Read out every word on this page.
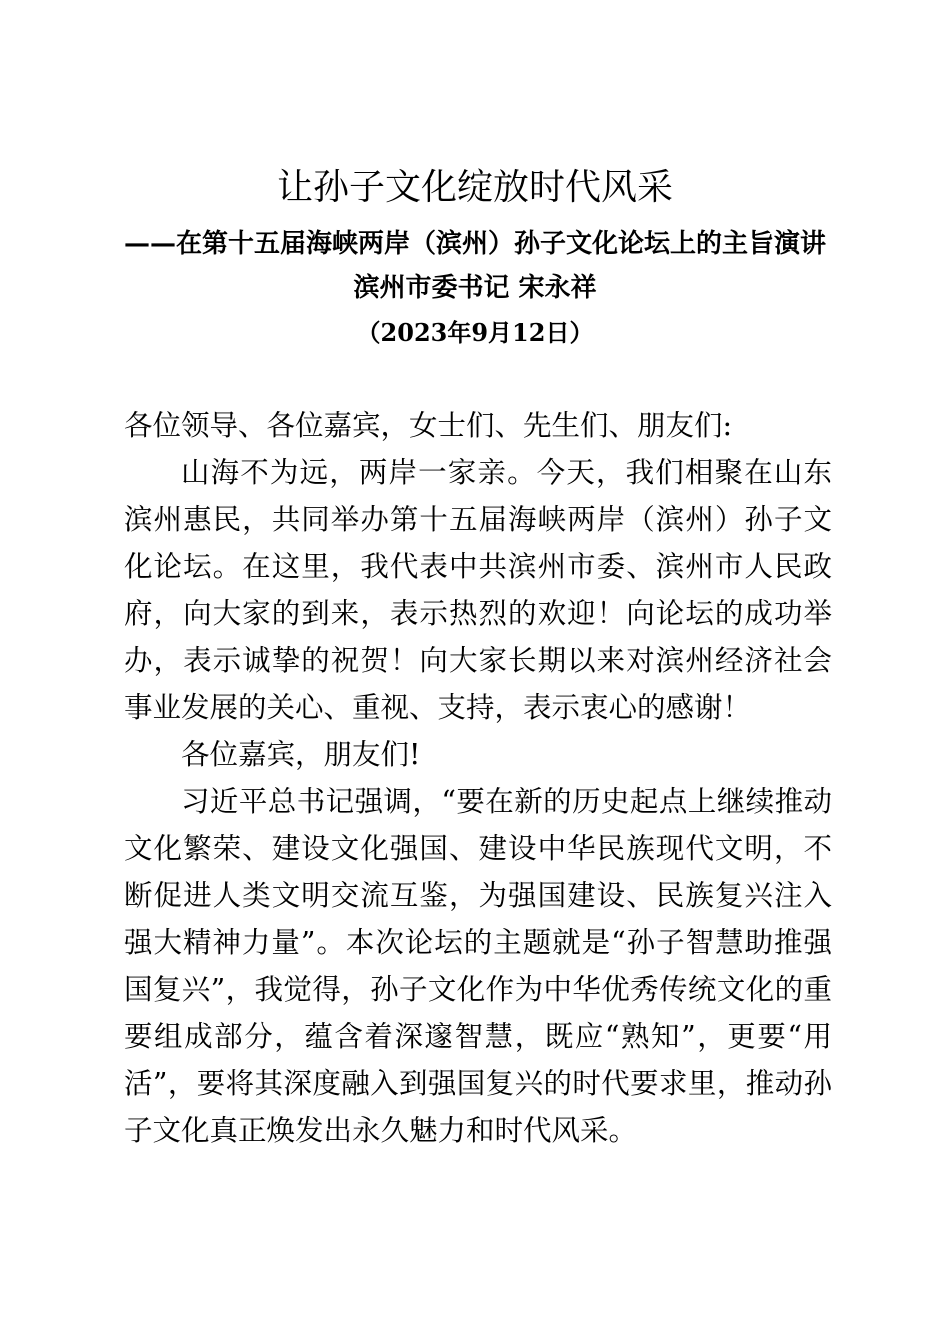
让孙子文化绽放时代风采
——在第十五届海峡两岸（滨州）孙子文化论坛上的主旨演讲
滨州市委书记 宋永祥
（2023年9月12日）

各位领导、各位嘉宾，女士们、先生们、朋友们:

山海不为远，两岸一家亲。今天，我们相聚在山东滨州惠民，共同举办第十五届海峡两岸（滨州）孙子文化论坛。在这里，我代表中共滨州市委、滨州市人民政府，向大家的到来，表示热烈的欢迎！向论坛的成功举办，表示诚挚的祝贺！向大家长期以来对滨州经济社会事业发展的关心、重视、支持，表示衷心的感谢！

各位嘉宾，朋友们!

习近平总书记强调，“要在新的历史起点上继续推动文化繁荣、建设文化强国、建设中华民族现代文明，不断促进人类文明交流互鉴，为强国建设、民族复兴注入强大精神力量”。本次论坛的主题就是“孙子智慧助推强国复兴”，我觉得，孙子文化作为中华优秀传统文化的重要组成部分，蕴含着深邃智慧，既应“熟知”，更要“用活”，要将其深度融入到强国复兴的时代要求里，推动孙子文化真正焕发出永久魅力和时代风采。
